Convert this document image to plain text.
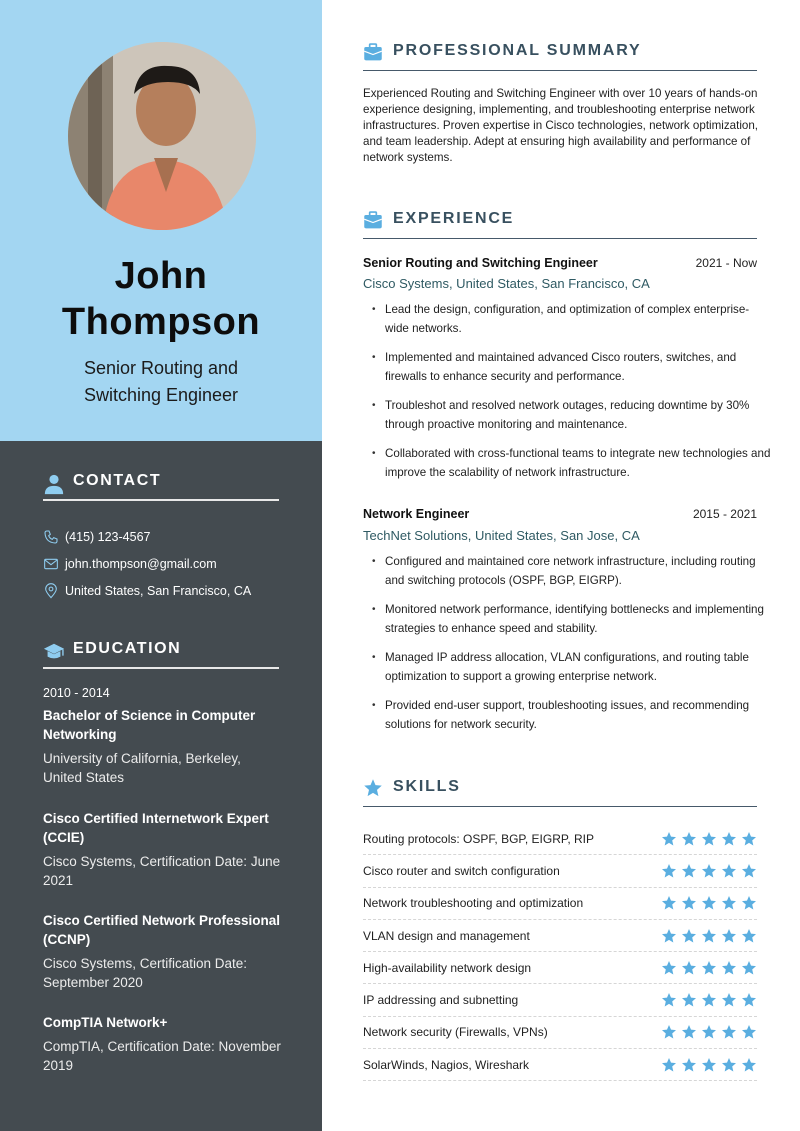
John
Thompson
Senior Routing and
Switching Engineer
CONTACT
(415) 123-4567
john.thompson@gmail.com
United States, San Francisco, CA
EDUCATION
2010 - 2014
Bachelor of Science in Computer Networking
University of California, Berkeley, United States
Cisco Certified Internetwork Expert (CCIE)
Cisco Systems, Certification Date: June 2021
Cisco Certified Network Professional (CCNP)
Cisco Systems, Certification Date: September 2020
CompTIA Network+
CompTIA, Certification Date: November 2019
PROFESSIONAL SUMMARY
Experienced Routing and Switching Engineer with over 10 years of hands-on experience designing, implementing, and troubleshooting enterprise network infrastructures. Proven expertise in Cisco technologies, network optimization, and team leadership. Adept at ensuring high availability and performance of network systems.
EXPERIENCE
Senior Routing and Switching Engineer	2021 - Now
Cisco Systems, United States, San Francisco, CA
• Lead the design, configuration, and optimization of complex enterprise-wide networks.
• Implemented and maintained advanced Cisco routers, switches, and firewalls to enhance security and performance.
• Troubleshot and resolved network outages, reducing downtime by 30% through proactive monitoring and maintenance.
• Collaborated with cross-functional teams to integrate new technologies and improve the scalability of network infrastructure.
Network Engineer	2015 - 2021
TechNet Solutions, United States, San Jose, CA
• Configured and maintained core network infrastructure, including routing and switching protocols (OSPF, BGP, EIGRP).
• Monitored network performance, identifying bottlenecks and implementing strategies to enhance speed and stability.
• Managed IP address allocation, VLAN configurations, and routing table optimization to support a growing enterprise network.
• Provided end-user support, troubleshooting issues, and recommending solutions for network security.
SKILLS
Routing protocols: OSPF, BGP, EIGRP, RIP
Cisco router and switch configuration
Network troubleshooting and optimization
VLAN design and management
High-availability network design
IP addressing and subnetting
Network security (Firewalls, VPNs)
SolarWinds, Nagios, Wireshark
